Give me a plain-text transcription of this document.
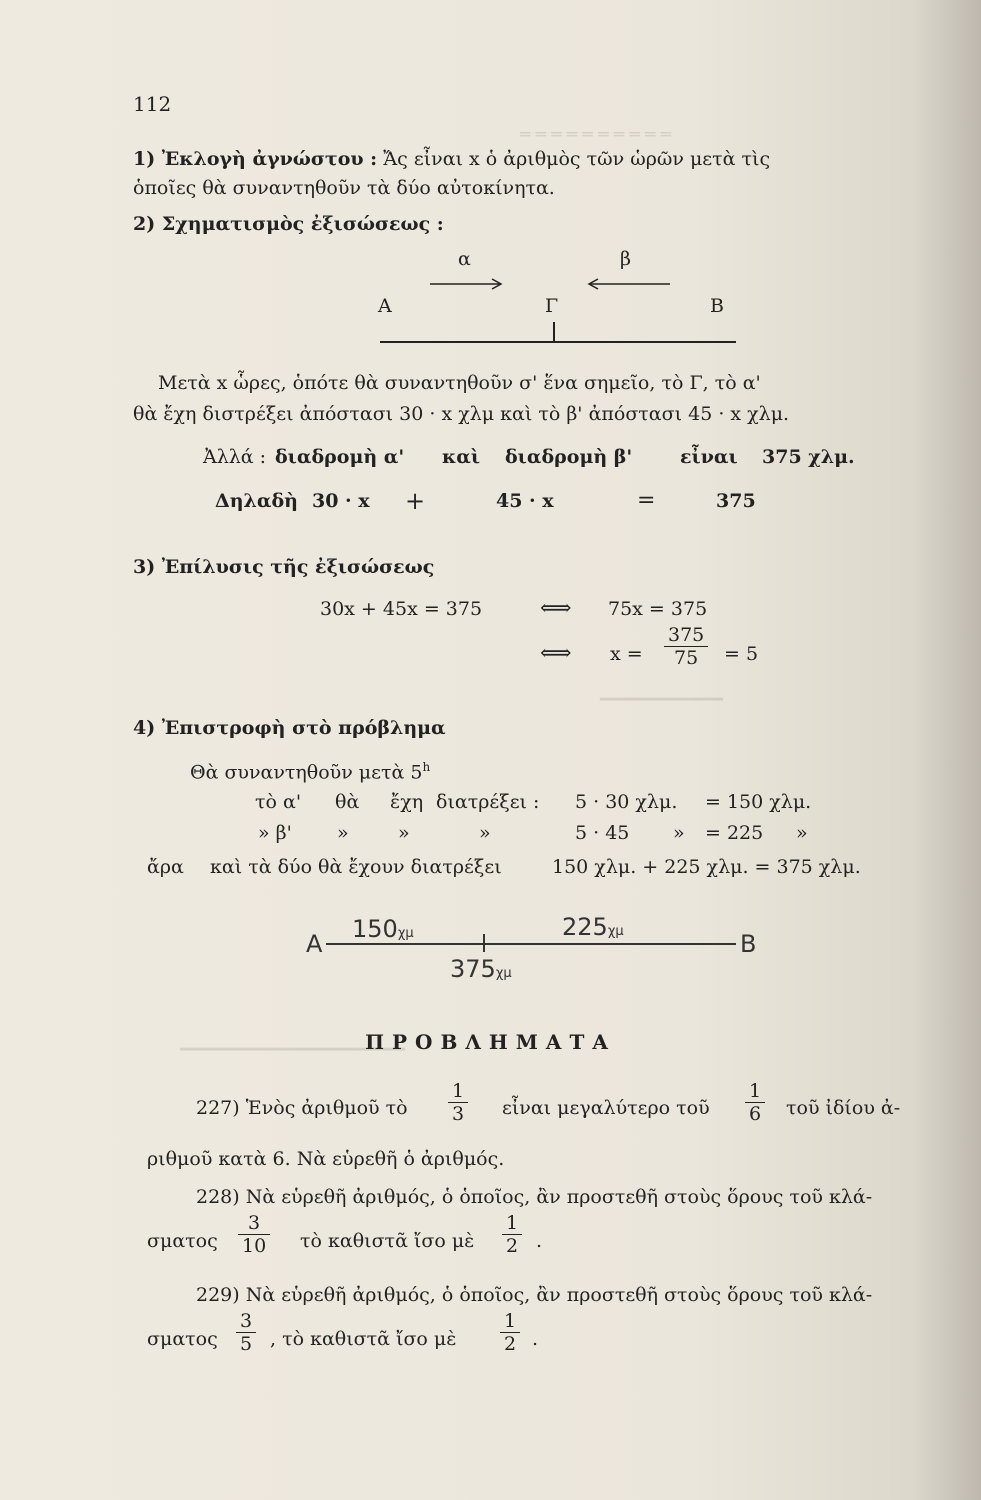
═ ═ ═ ═ ═ ═ ═ ═ ═ ═
━━━━━━━━━━━━
━━━━━━━━━━━━━━━━━━━━━━
112
1) Ἐκλογὴ ἀγνώστου : Ἄς εἶναι x ὁ ἀριθμὸς τῶν ὡρῶν μετὰ τὶς
ὁποῖες θὰ συναντηθοῦν τὰ δύο αὐτοκίνητα.
2) Σχηματισμὸς ἐξισώσεως :
α	β
Α	Γ	Β
Μετὰ x ὧρες, ὁπότε θὰ συναντηθοῦν σ' ἕνα σημεῖο, τὸ Γ, τὸ α'
θὰ ἔχη διστρέξει ἀπόστασι 30 · x χλμ καὶ τὸ β' ἀπόστασι 45 · x χλμ.
Ἀλλά : διαδρομὴ α' καὶ διαδρομὴ β'	εἶναι 375 χλμ.
Δηλαδὴ 30 · x +	45 · x	=	375
3) Ἐπίλυσις τῆς ἐξισώσεως
30x + 45x = 375	⟺ 75x = 375
⟺ $x = \frac{375}{75} = 5$
4) Ἐπιστροφὴ στὸ πρόβλημα
Θὰ συναντηθοῦν μετὰ 5$^h$
τὸ α' θὰ ἔχη διατρέξει : 5 · 30 χλμ. = 150 χλμ.
» β' »	»	»	5 · 45 » = 225 »
ἄρα καὶ τὰ δύο θὰ ἔχουν διατρέξει	150 χλμ. + 225 χλμ. = 375 χλμ.
Α
150χμ	225χμ	Β
375χμ
ΠΡΟΒΛΗΜΑΤΑ
227) Ἑνὸς ἀριθμοῦ τὸ $\frac{1}{3}$ εἶναι μεγαλύτερο τοῦ $\frac{1}{6}$ τοῦ ἰδίου ἀ-
ριθμοῦ κατὰ 6. Νὰ εὑρεθῆ ὁ ἀριθμός.
228) Νὰ εὑρεθῆ ἀριθμός, ὁ ὁποῖος, ἂν προστεθῆ στοὺς ὅρους τοῦ κλά-
σματος $\frac{3}{10}$ τὸ καθιστᾶ ἴσο μὲ $\frac{1}{2}$ .
229) Νὰ εὑρεθῆ ἀριθμός, ὁ ὁποῖος, ἂν προστεθῆ στοὺς ὅρους τοῦ κλά-
σματος $\frac{3}{5}$ , τὸ καθιστᾶ ἴσο μὲ $\frac{1}{2}$ .
